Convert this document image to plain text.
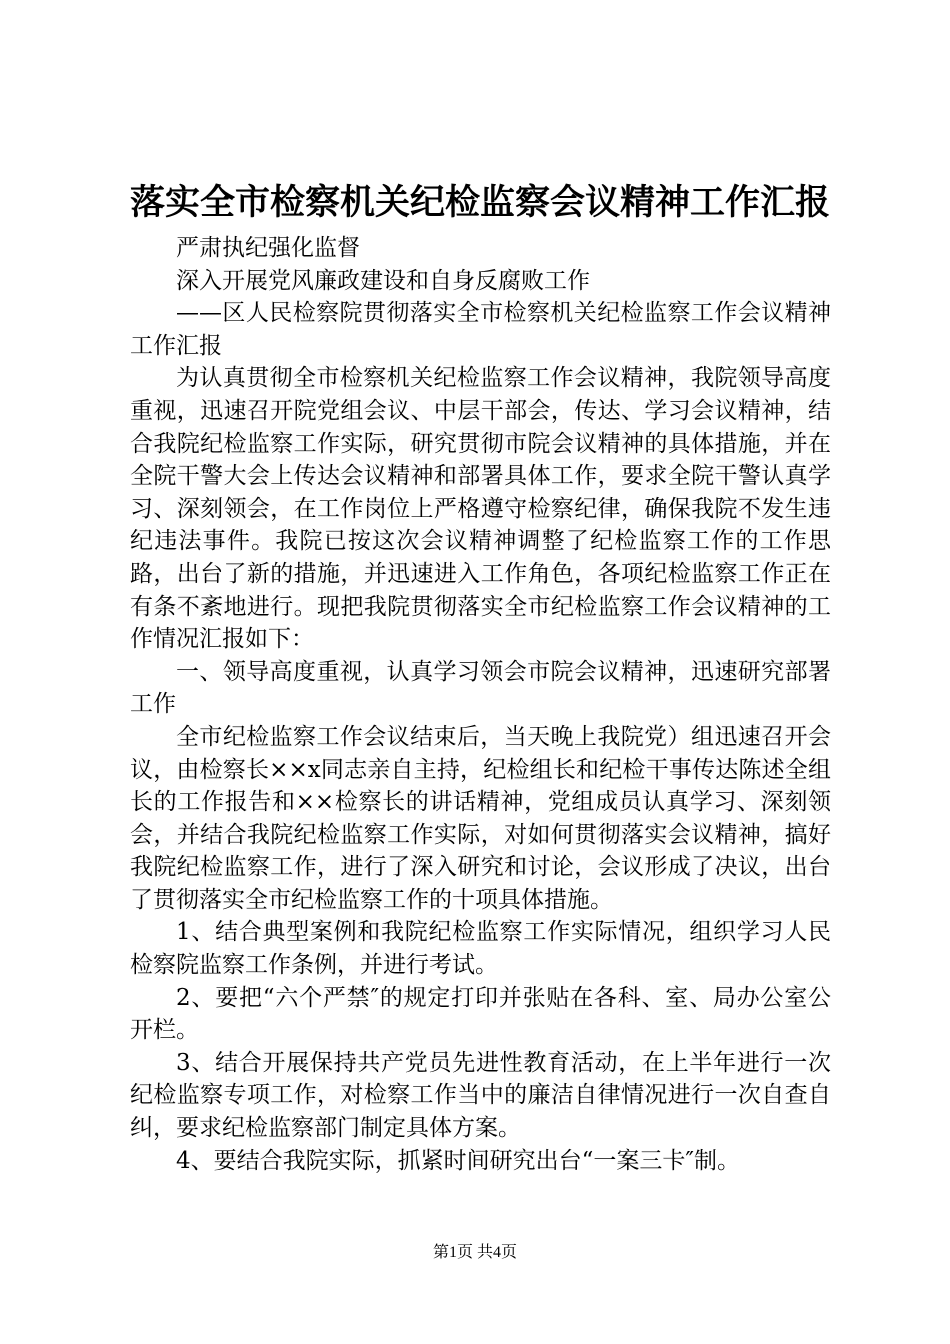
落实全市检察机关纪检监察会议精神工作汇报

严肃执纪强化监督

深入开展党风廉政建设和自身反腐败工作

——区人民检察院贯彻落实全市检察机关纪检监察工作会议精神工作汇报

为认真贯彻全市检察机关纪检监察工作会议精神，我院领导高度重视，迅速召开院党组会议、中层干部会，传达、学习会议精神，结合我院纪检监察工作实际，研究贯彻市院会议精神的具体措施，并在全院干警大会上传达会议精神和部署具体工作，要求全院干警认真学习、深刻领会，在工作岗位上严格遵守检察纪律，确保我院不发生违纪违法事件。我院已按这次会议精神调整了纪检监察工作的工作思路，出台了新的措施，并迅速进入工作角色，各项纪检监察工作正在有条不紊地进行。现把我院贯彻落实全市纪检监察工作会议精神的工作情况汇报如下：

一、领导高度重视，认真学习领会市院会议精神，迅速研究部署工作

全市纪检监察工作会议结束后，当天晚上我院党）组迅速召开会议，由检察长××x同志亲自主持，纪检组长和纪检干事传达陈述全组长的工作报告和××检察长的讲话精神，党组成员认真学习、深刻领会，并结合我院纪检监察工作实际，对如何贯彻落实会议精神，搞好我院纪检监察工作，进行了深入研究和讨论，会议形成了决议，出台了贯彻落实全市纪检监察工作的十项具体措施。

1、结合典型案例和我院纪检监察工作实际情况，组织学习人民检察院监察工作条例，并进行考试。

2、要把“六个严禁″的规定打印并张贴在各科、室、局办公室公开栏。

3、结合开展保持共产党员先进性教育活动，在上半年进行一次纪检监察专项工作，对检察工作当中的廉洁自律情况进行一次自查自纠，要求纪检监察部门制定具体方案。

4、要结合我院实际，抓紧时间研究出台“一案三卡″制。

第1页 共4页
